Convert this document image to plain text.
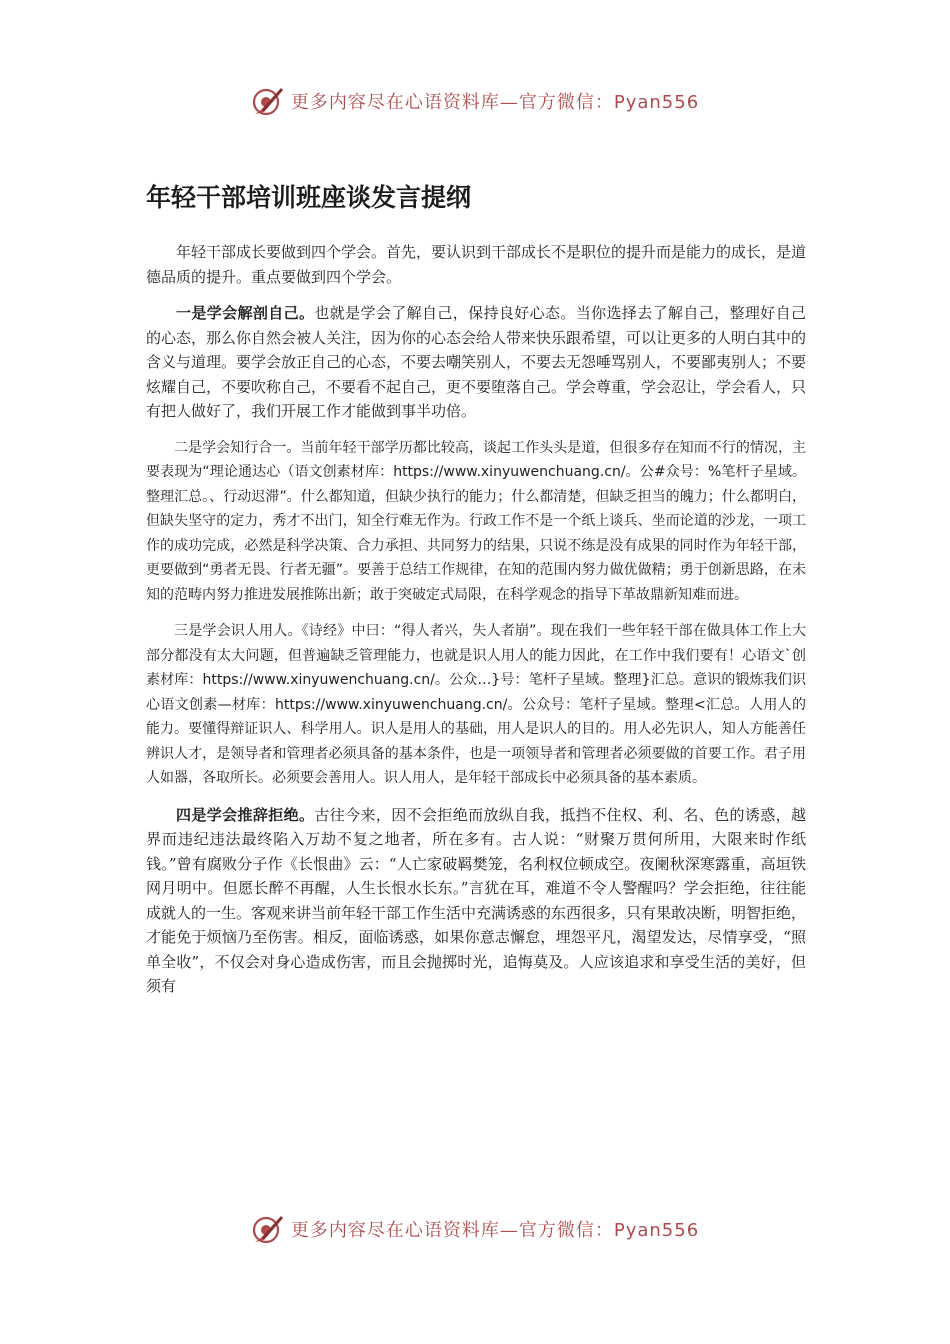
更多内容尽在心语资料库—官方微信：Pyan556
年轻干部培训班座谈发言提纲

年轻干部成长要做到四个学会。首先，要认识到干部成长不是职位的提升而是能力的成长，是道德品质的提升。重点要做到四个学会。

一是学会解剖自己。也就是学会了解自己，保持良好心态。当你选择去了解自己，整理好自己的心态，那么你自然会被人关注，因为你的心态会给人带来快乐跟希望，可以让更多的人明白其中的含义与道理。要学会放正自己的心态，不要去嘲笑别人，不要去无怨唾骂别人，不要鄙夷别人；不要炫耀自己，不要吹称自己，不要看不起自己，更不要堕落自己。学会尊重，学会忍让，学会看人，只有把人做好了，我们开展工作才能做到事半功倍。

二是学会知行合一。当前年轻干部学历都比较高，谈起工作头头是道，但很多存在知而不行的情况，主要表现为“理论通达心（语文创素材库：https://www.xinyuwenchuang.cn/。公#众号：%笔杆子星域。整理汇总。、行动迟滞”。什么都知道，但缺少执行的能力；什么都清楚，但缺乏担当的魄力；什么都明白，但缺失坚守的定力，秀才不出门，知全行难无作为。行政工作不是一个纸上谈兵、坐而论道的沙龙，一项工作的成功完成，必然是科学决策、合力承担、共同努力的结果，只说不练是没有成果的同时作为年轻干部，更要做到“勇者无畏、行者无疆”。要善于总结工作规律，在知的范围内努力做优做精；勇于创新思路，在未知的范畴内努力推进发展推陈出新；敢于突破定式局限，在科学观念的指导下革故鼎新知难而进。

三是学会识人用人。《诗经》中曰：“得人者兴，失人者崩”。现在我们一些年轻干部在做具体工作上大部分都没有太大问题，但普遍缺乏管理能力，也就是识人用人的能力因此，在工作中我们要有！心语文`创素材库：https://www.xinyuwenchuang.cn/。公众…}号：笔杆子星域。整理}汇总。意识的锻炼我们识心语文创素—材库：https://www.xinyuwenchuang.cn/。公众号：笔杆子星域。整理<汇总。人用人的能力。要懂得辩证识人、科学用人。识人是用人的基础，用人是识人的目的。用人必先识人，知人方能善任辨识人才，是领导者和管理者必须具备的基本条件，也是一项领导者和管理者必须要做的首要工作。君子用人如器，各取所长。必须要会善用人。识人用人，是年轻干部成长中必须具备的基本素质。

四是学会推辞拒绝。古往今来，因不会拒绝而放纵自我，抵挡不住权、利、名、色的诱惑，越界而违纪违法最终陷入万劫不复之地者，所在多有。古人说：“财聚万贯何所用，大限来时作纸钱。”曾有腐败分子作《长恨曲》云：“人亡家破羁樊笼，名利权位顿成空。夜阑秋深寒露重，高垣铁网月明中。但愿长醉不再醒，人生长恨水长东。”言犹在耳，难道不令人警醒吗？学会拒绝，往往能成就人的一生。客观来讲当前年轻干部工作生活中充满诱惑的东西很多，只有果敢决断，明智拒绝，才能免于烦恼乃至伤害。相反，面临诱惑，如果你意志懈怠，埋怨平凡，渴望发达，尽情享受，“照单全收”，不仅会对身心造成伤害，而且会抛掷时光，追悔莫及。人应该追求和享受生活的美好，但须有

更多内容尽在心语资料库—官方微信：Pyan556
